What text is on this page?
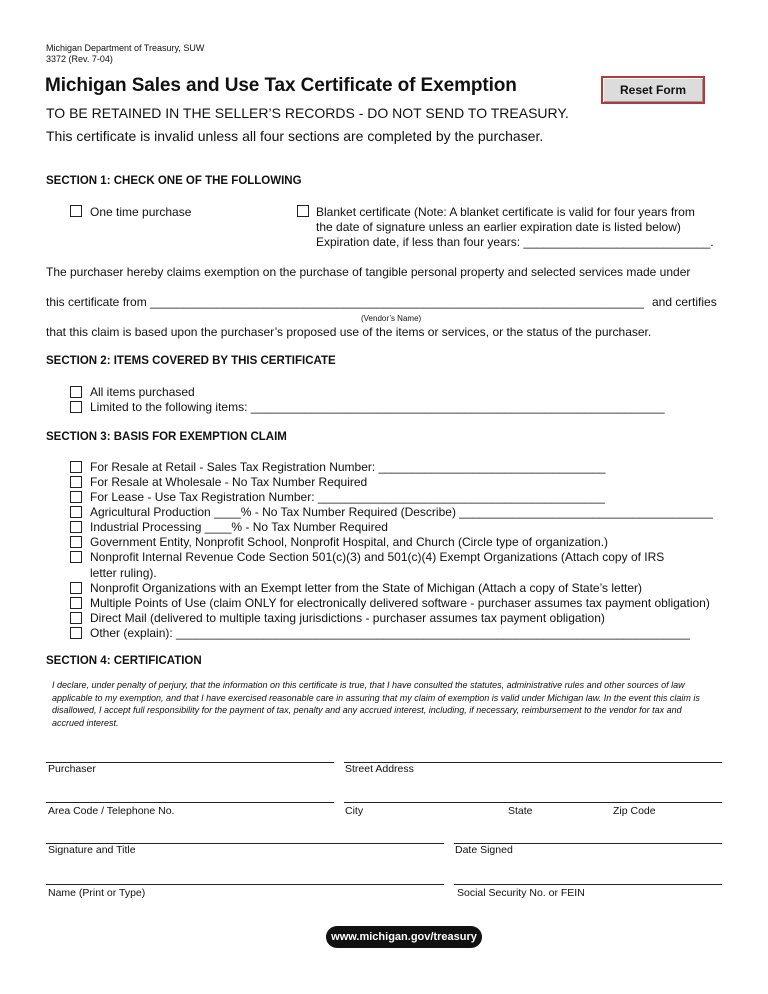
Michigan Department of Treasury, SUW
3372 (Rev. 7-04)
Michigan Sales and Use Tax Certificate of Exemption	Reset Form
TO BE RETAINED IN THE SELLER’S RECORDS - DO NOT SEND TO TREASURY.
This certificate is invalid unless all four sections are completed by the purchaser.
SECTION 1: CHECK ONE OF THE FOLLOWING
One time purchase	Blanket certificate (Note: A blanket certificate is valid for four years from
the date of signature unless an earlier expiration date is listed below)
Expiration date, if less than four years: ____________________________.
The purchaser hereby claims exemption on the purchase of tangible personal property and selected services made under
this certificate from __________________________________________________________________________ and certifies
(Vendor’s Name)
that this claim is based upon the purchaser’s proposed use of the items or services, or the status of the purchaser.
SECTION 2: ITEMS COVERED BY THIS CERTIFICATE
All items purchased
Limited to the following items: ______________________________________________________________
SECTION 3: BASIS FOR EXEMPTION CLAIM
For Resale at Retail - Sales Tax Registration Number: __________________________________
For Resale at Wholesale - No Tax Number Required
For Lease - Use Tax Registration Number: ___________________________________________
Agricultural Production ____% - No Tax Number Required (Describe) ______________________________________
Industrial Processing ____% - No Tax Number Required
Government Entity, Nonprofit School, Nonprofit Hospital, and Church (Circle type of organization.)
Nonprofit Internal Revenue Code Section 501(c)(3) and 501(c)(4) Exempt Organizations (Attach copy of IRS
letter ruling).
Nonprofit Organizations with an Exempt letter from the State of Michigan (Attach a copy of State’s letter)
Multiple Points of Use (claim ONLY for electronically delivered software - purchaser assumes tax payment obligation)
Direct Mail (delivered to multiple taxing jurisdictions - purchaser assumes tax payment obligation)
Other (explain): _____________________________________________________________________________
SECTION 4: CERTIFICATION
I declare, under penalty of perjury, that the information on this certificate is true, that I have consulted the statutes, administrative rules and other sources of law applicable to my exemption, and that I have exercised reasonable care in assuring that my claim of exemption is valid under Michigan law. In the event this claim is disallowed, I accept full responsibility for the payment of tax, penalty and any accrued interest, including, if necessary, reimbursement to the vendor for tax and accrued interest.
Purchaser	Street Address
Area Code / Telephone No.	City	State	Zip Code
Signature and Title	Date Signed
Name (Print or Type)	Social Security No. or FEIN
www.michigan.gov/treasury
